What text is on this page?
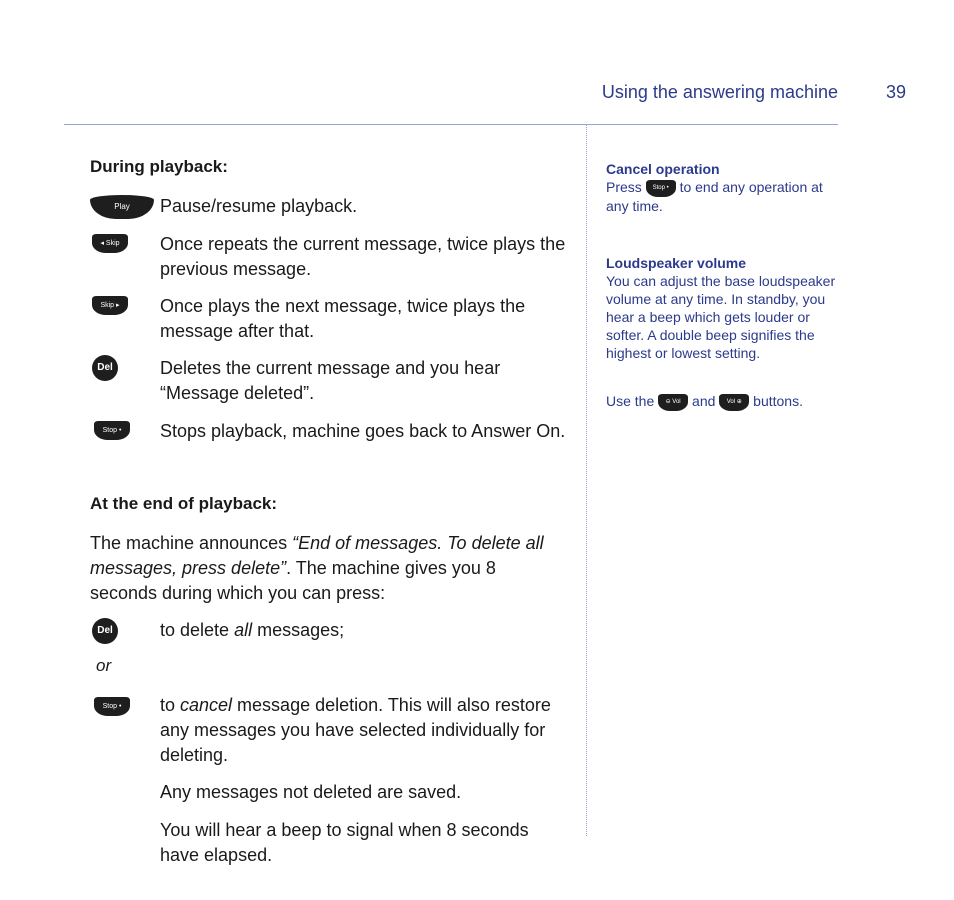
Using the answering machine	39
During playback:
Play	Pause/resume playback.
◂ Skip	Once repeats the current message, twice plays the previous message.
Skip ▸	Once plays the next message, twice plays the message after that.
Del	Deletes the current message and you hear “Message deleted”.
Stop •	Stops playback, machine goes back to Answer On.
At the end of playback:
The machine announces “End of messages. To delete all messages, press delete”. The machine gives you 8 seconds during which you can press:
Del	to delete all messages;
or
Stop •	to cancel message deletion. This will also restore any messages you have selected individually for deleting.
Any messages not deleted are saved.
You will hear a beep to signal when 8 seconds have elapsed.
Cancel operation
Press Stop • to end any operation at any time.
Loudspeaker volume
You can adjust the base loudspeaker volume at any time. In standby, you hear a beep which gets louder or softer. A double beep signifies the highest or lowest setting.
Use the ⊖ Vol and Vol ⊕ buttons.
